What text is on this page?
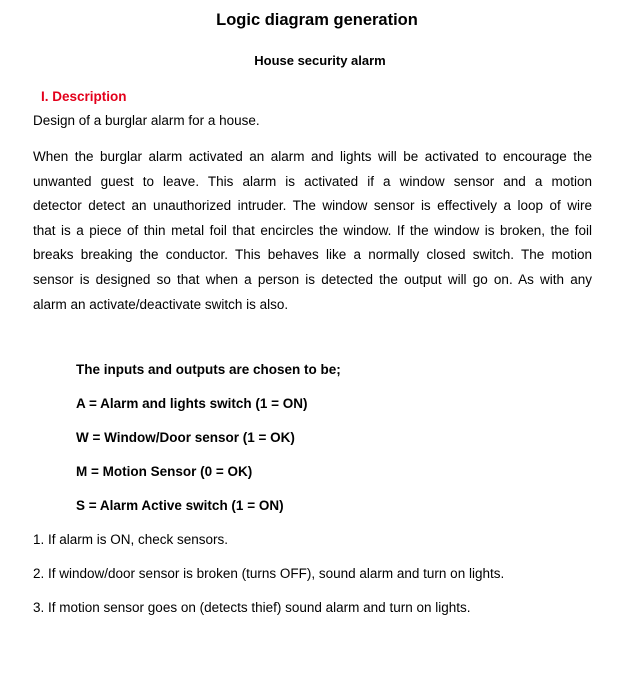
Logic diagram generation
House security alarm
I. Description
Design of a burglar alarm for a house.
When the burglar alarm activated an alarm and lights will be activated to encourage the
unwanted guest to leave. This alarm is activated if a window sensor and a motion
detector detect an unauthorized intruder. The window sensor is effectively a loop of wire
that is a piece of thin metal foil that encircles the window. If the window is broken, the foil
breaks breaking the conductor. This behaves like a normally closed switch. The motion
sensor is designed so that when a person is detected the output will go on. As with any
alarm an activate/deactivate switch is also.
The inputs and outputs are chosen to be;
A = Alarm and lights switch (1 = ON)
W = Window/Door sensor (1 = OK)
M = Motion Sensor (0 = OK)
S = Alarm Active switch (1 = ON)
1. If alarm is ON, check sensors.
2. If window/door sensor is broken (turns OFF), sound alarm and turn on lights.
3. If motion sensor goes on (detects thief) sound alarm and turn on lights.
